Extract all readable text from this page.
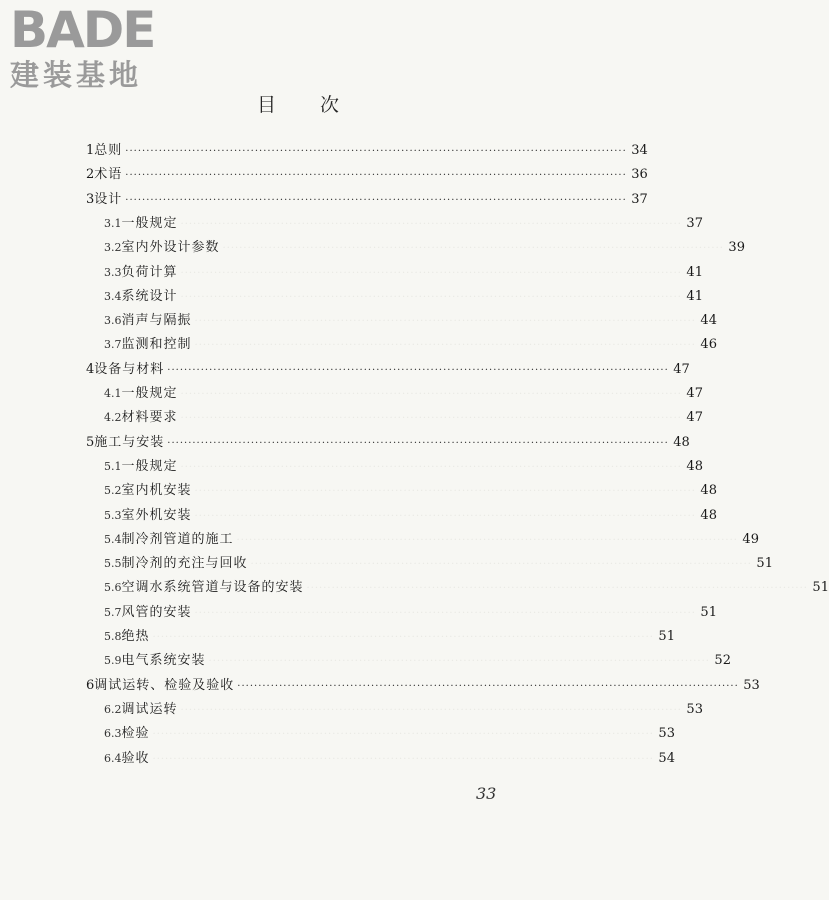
BADE
建装基地
目次
1 总则 ························································································································ 34
2 术语 ························································································································ 36
3 设计 ························································································································ 37
3.1 一般规定 ························································································································ 37
3.2 室内外设计参数 ························································································································ 39
3.3 负荷计算 ························································································································ 41
3.4 系统设计 ························································································································ 41
3.6 消声与隔振 ························································································································ 44
3.7 监测和控制 ························································································································ 46
4 设备与材料 ························································································································ 47
4.1 一般规定 ························································································································ 47
4.2 材料要求 ························································································································ 47
5 施工与安装 ························································································································ 48
5.1 一般规定 ························································································································ 48
5.2 室内机安装 ························································································································ 48
5.3 室外机安装 ························································································································ 48
5.4 制冷剂管道的施工 ························································································································ 49
5.5 制冷剂的充注与回收 ························································································································ 51
5.6 空调水系统管道与设备的安装 ························································································································ 51
5.7 风管的安装 ························································································································ 51
5.8 绝热 ························································································································ 51
5.9 电气系统安装 ························································································································ 52
6 调试运转、检验及验收 ························································································································ 53
6.2 调试运转 ························································································································ 53
6.3 检验 ························································································································ 53
6.4 验收 ························································································································ 54
33
